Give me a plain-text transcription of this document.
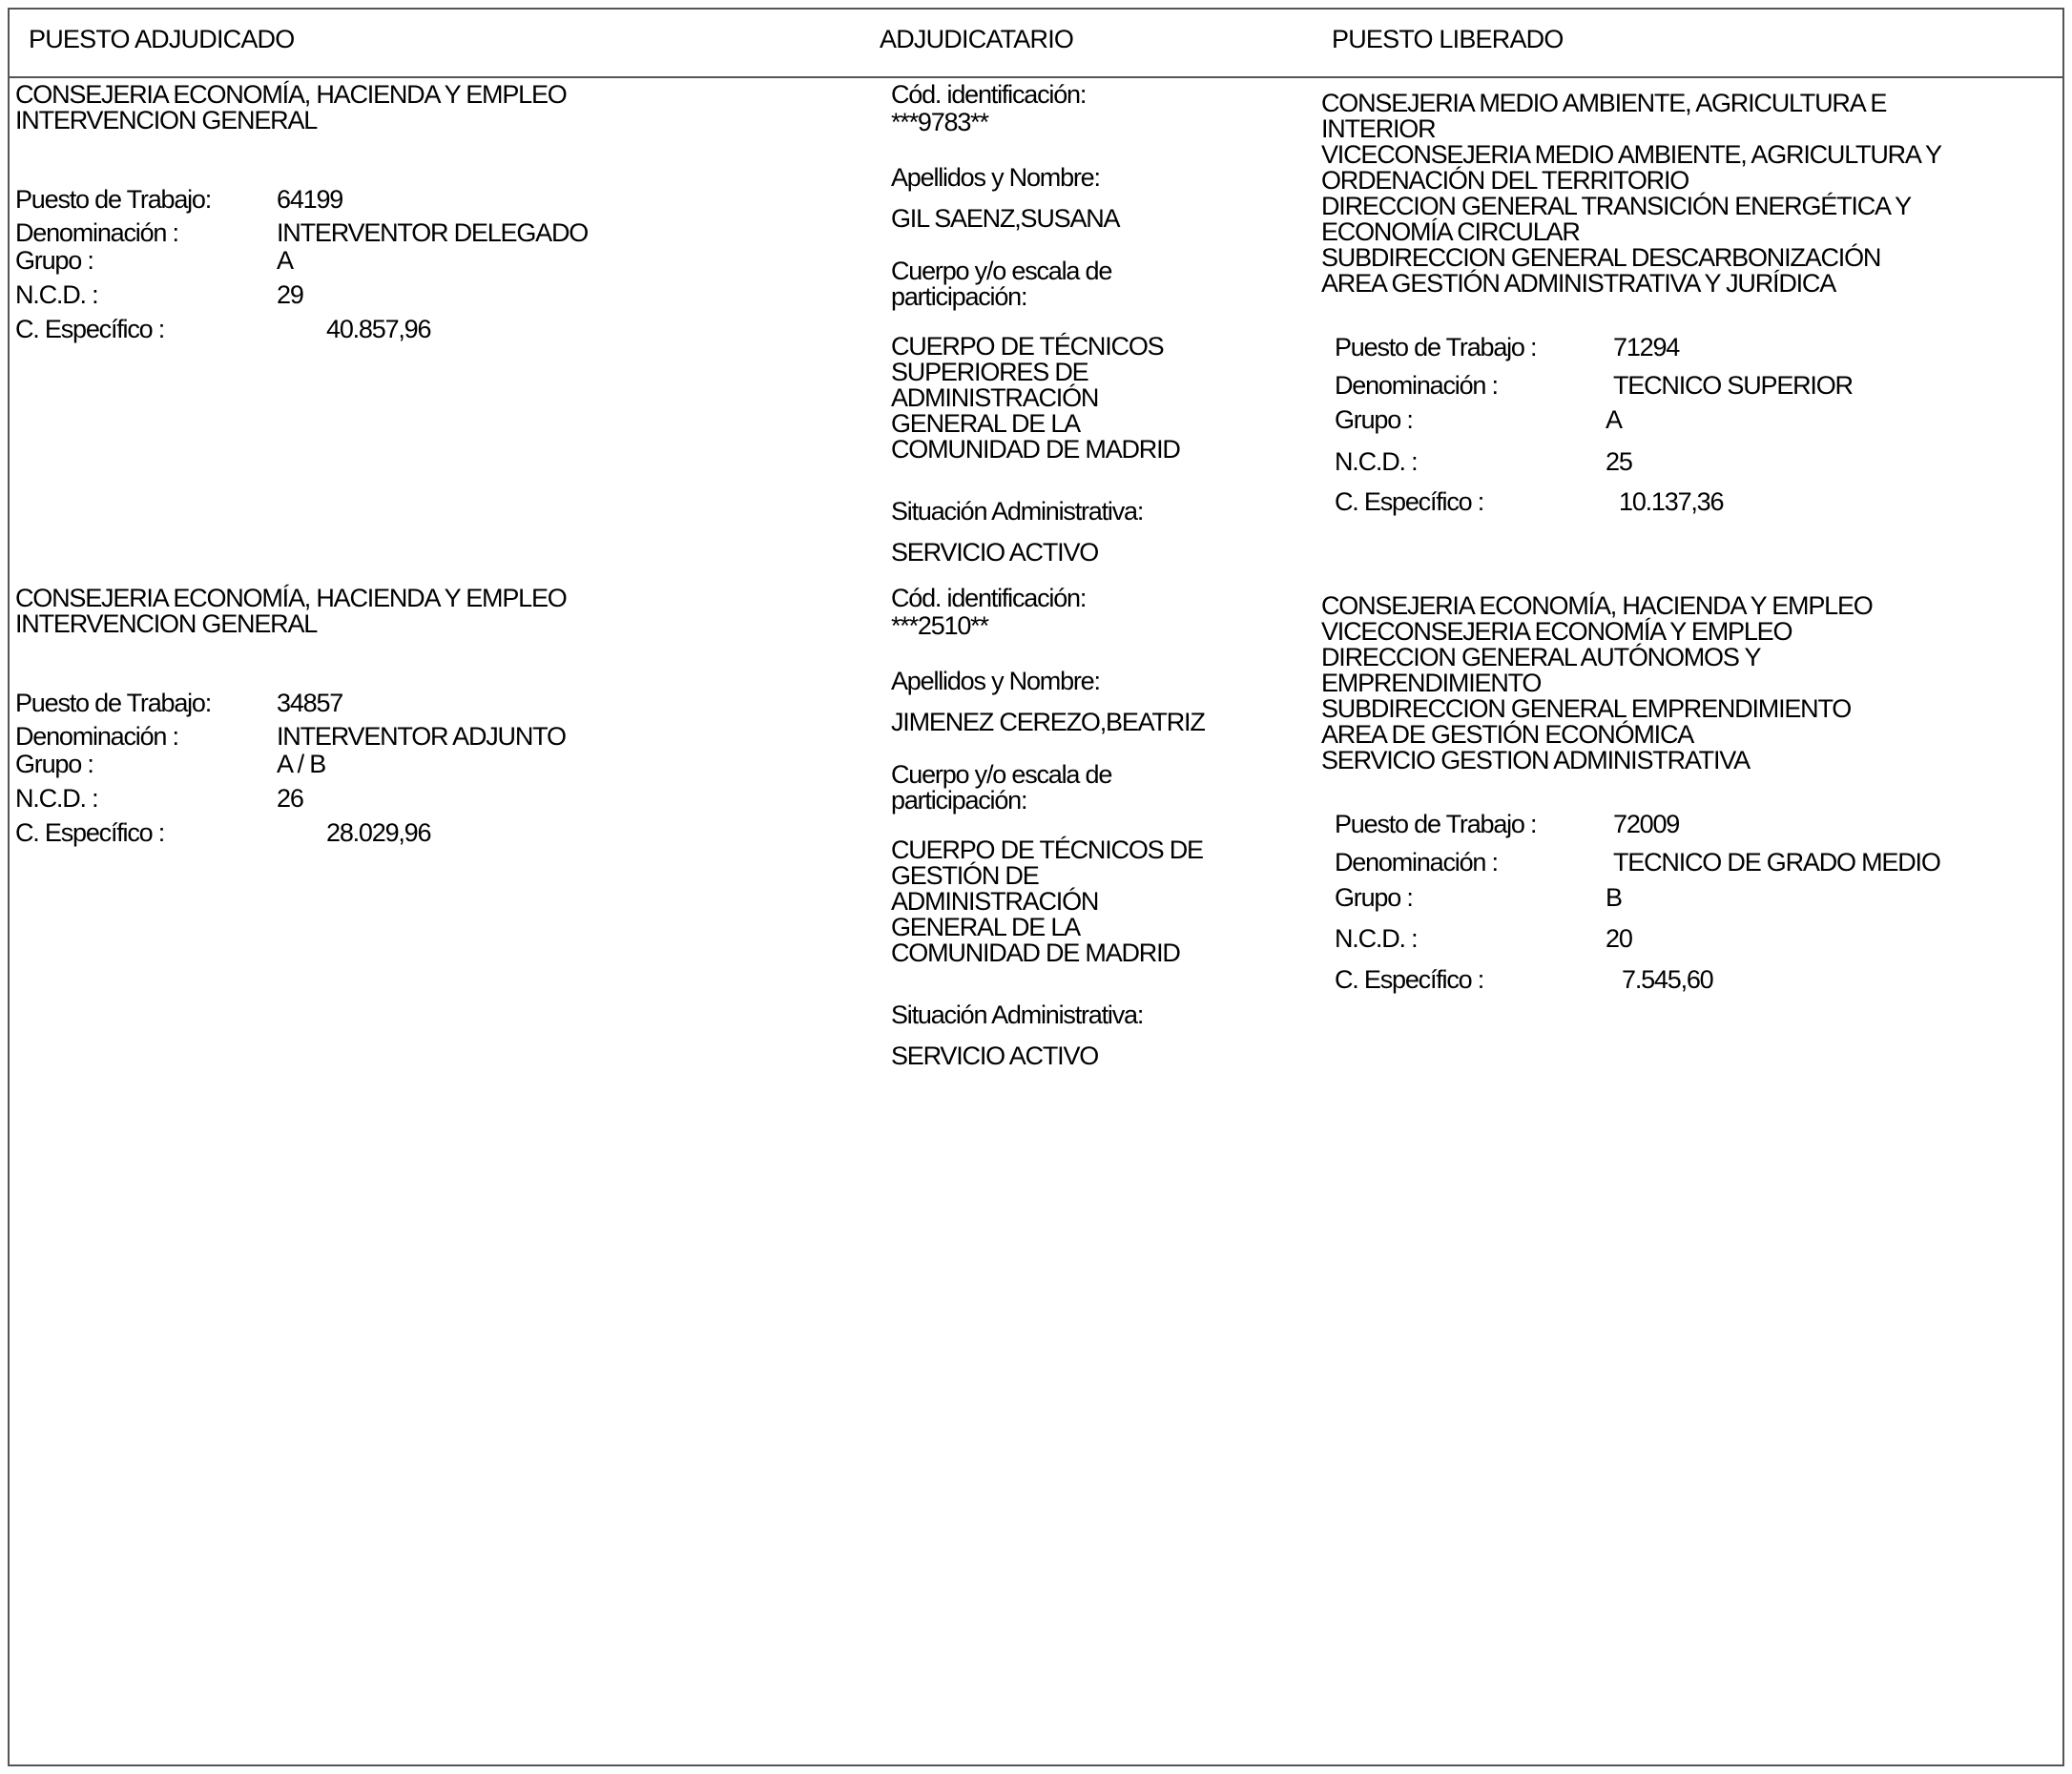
PUESTO ADJUDICADO	ADJUDICATARIO	PUESTO LIBERADO

CONSEJERIA ECONOMÍA, HACIENDA Y EMPLEO
INTERVENCION GENERAL

Puesto de Trabajo:	64199

Denominación :	INTERVENTOR DELEGADO

Grupo :	A

N.C.D. :	29

C. Específico :	40.857,96

Cód. identificación:

***9783**

Apellidos y Nombre:

GIL SAENZ,SUSANA

Cuerpo y/o escala de
participación:

CUERPO DE TÉCNICOS
SUPERIORES DE
ADMINISTRACIÓN
GENERAL DE LA
COMUNIDAD DE MADRID

Situación Administrativa:

SERVICIO ACTIVO

CONSEJERIA MEDIO AMBIENTE, AGRICULTURA E
INTERIOR
VICECONSEJERIA MEDIO AMBIENTE, AGRICULTURA Y
ORDENACIÓN DEL TERRITORIO
DIRECCION GENERAL TRANSICIÓN ENERGÉTICA Y
ECONOMÍA CIRCULAR
SUBDIRECCION GENERAL DESCARBONIZACIÓN
AREA GESTIÓN ADMINISTRATIVA Y JURÍDICA

Puesto de Trabajo :	71294

Denominación :	TECNICO SUPERIOR

Grupo :	A

N.C.D. :	25

C. Específico :	10.137,36

CONSEJERIA ECONOMÍA, HACIENDA Y EMPLEO
INTERVENCION GENERAL

Puesto de Trabajo:	34857

Denominación :	INTERVENTOR ADJUNTO

Grupo :	A / B

N.C.D. :	26

C. Específico :	28.029,96

Cód. identificación:

***2510**

Apellidos y Nombre:

JIMENEZ CEREZO,BEATRIZ

Cuerpo y/o escala de
participación:

CUERPO DE TÉCNICOS DE
GESTIÓN DE
ADMINISTRACIÓN
GENERAL DE LA
COMUNIDAD DE MADRID

Situación Administrativa:

SERVICIO ACTIVO

CONSEJERIA ECONOMÍA, HACIENDA Y EMPLEO
VICECONSEJERIA ECONOMÍA Y EMPLEO
DIRECCION GENERAL AUTÓNOMOS Y
EMPRENDIMIENTO
SUBDIRECCION GENERAL EMPRENDIMIENTO
AREA DE GESTIÓN ECONÓMICA
SERVICIO GESTION ADMINISTRATIVA

Puesto de Trabajo :	72009

Denominación :	TECNICO DE GRADO MEDIO

Grupo :	B

N.C.D. :	20

C. Específico :	7.545,60
